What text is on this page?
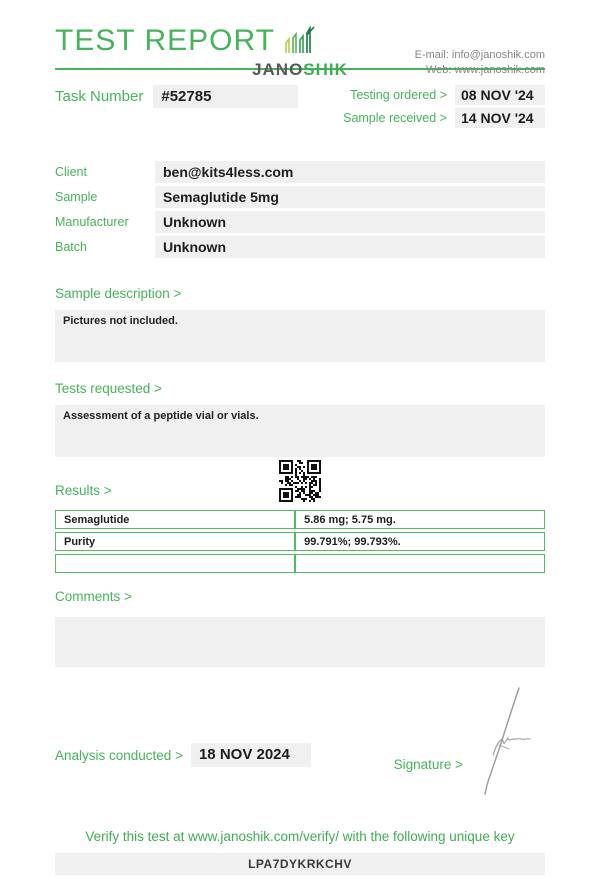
TEST REPORT
JANOSHIK
E-mail: info@janoshik.com
Web: www.janoshik.com
Task Number	#52785	Testing ordered >	08 NOV '24
Sample received >	14 NOV '24
Client	ben@kits4less.com
Sample	Semaglutide 5mg
Manufacturer	Unknown
Batch	Unknown
Sample description >
Pictures not included.
Tests requested >
Assessment of a peptide vial or vials.
Results >
Semaglutide	5.86 mg; 5.75 mg.
Purity	99.791%; 99.793%.

Comments >
Analysis conducted >	18 NOV 2024
Signature >
Verify this test at www.janoshik.com/verify/ with the following unique key
LPA7DYKRKCHV
